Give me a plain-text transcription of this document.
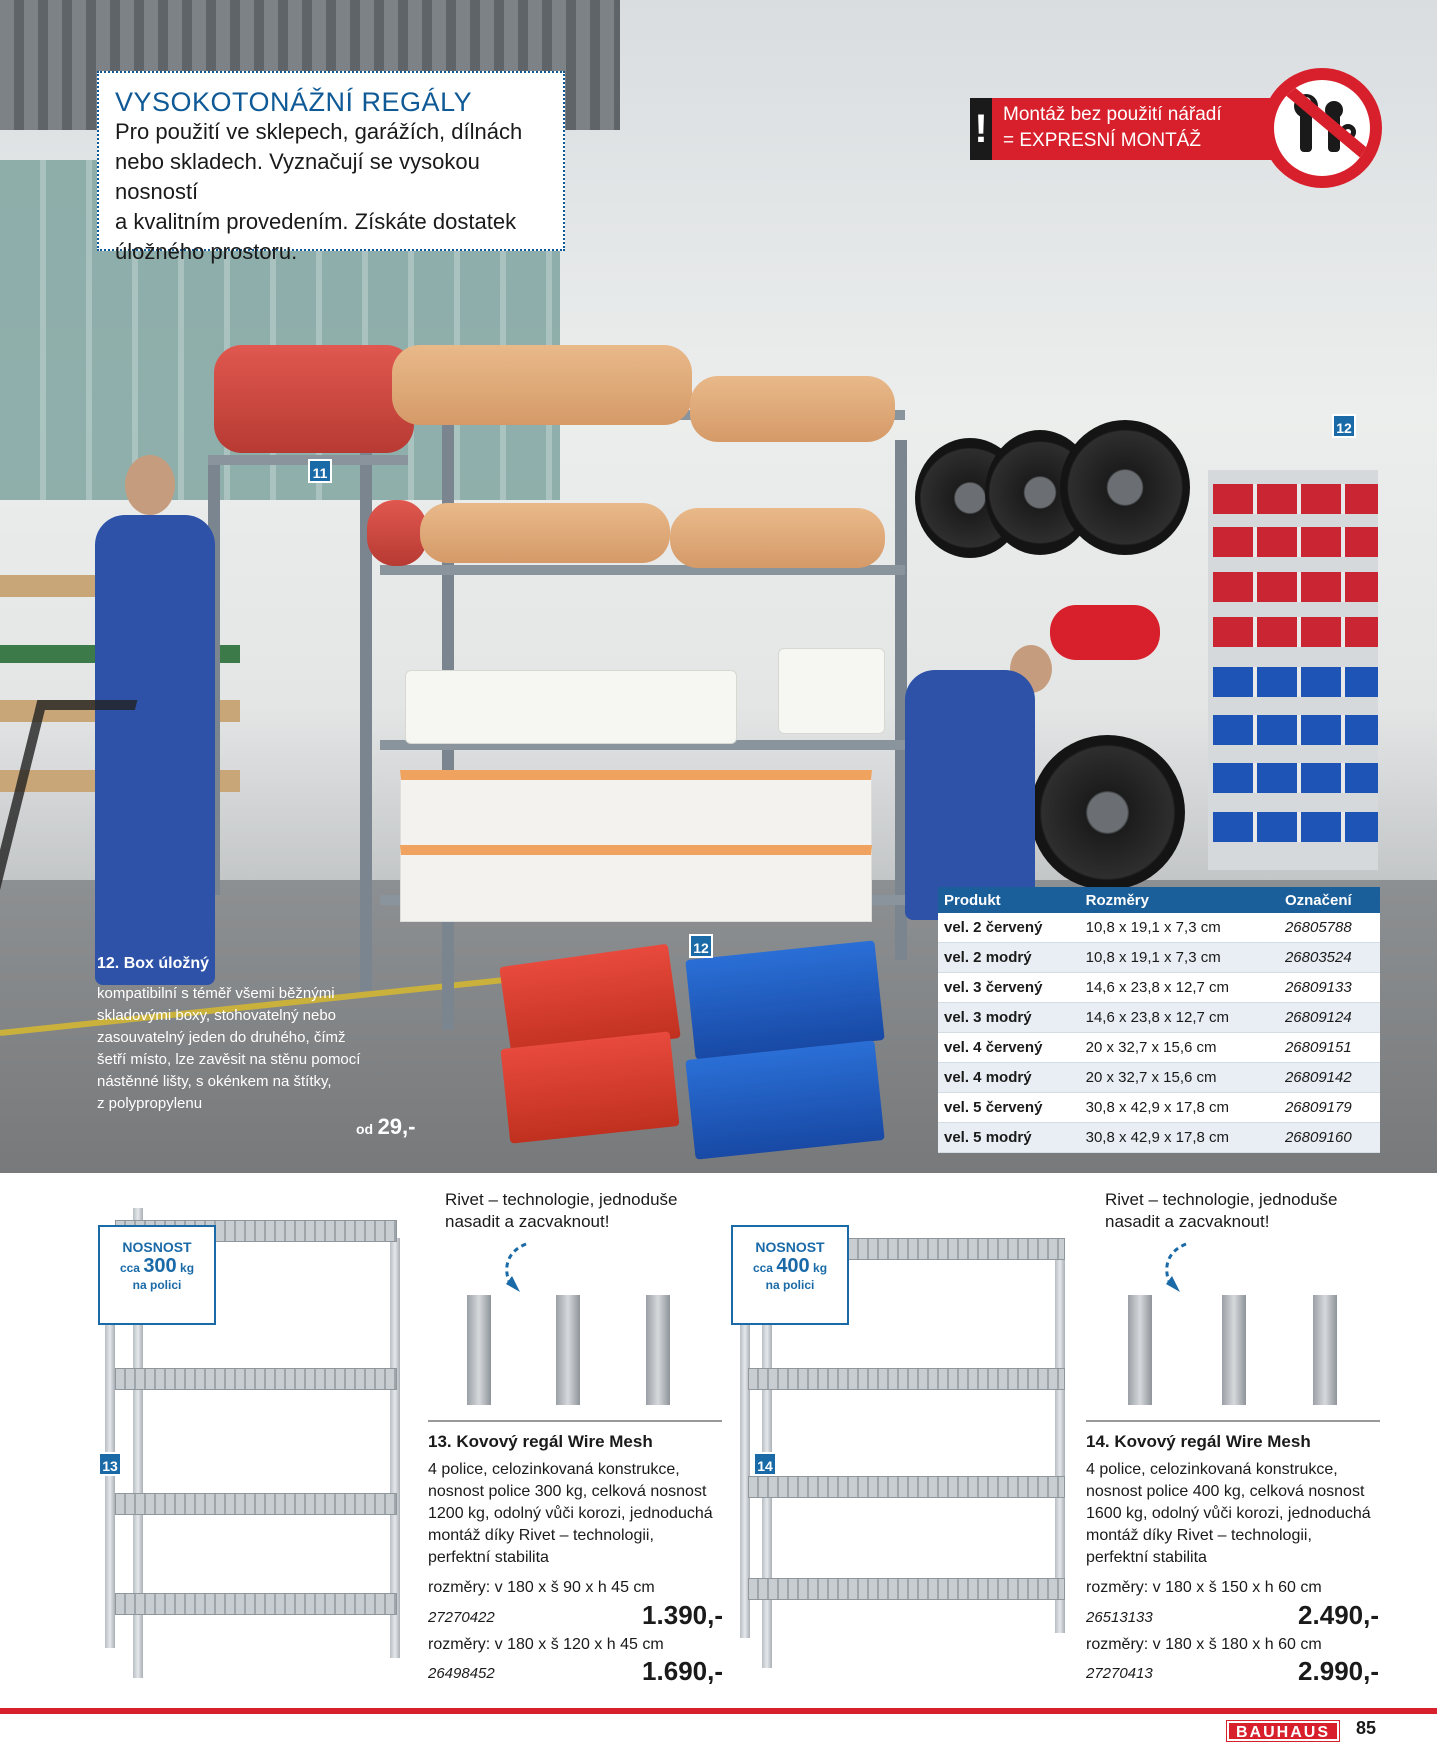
VYSOKOTONÁŽNÍ REGÁLY
Pro použití ve sklepech, garážích, dílnách
nebo skladech. Vyznačují se vysokou nosností
a kvalitním provedením. Získáte dostatek
úložného prostoru.
! Montáž bez použití nářadí
= EXPRESNÍ MONTÁŽ
11
12
12
12. Box úložný
kompatibilní s téměř všemi běžnými
skladovými boxy, stohovatelný nebo
zasouvatelný jeden do druhého, čímž
šetří místo, lze zavěsit na stěnu pomocí
nástěnné lišty, s okénkem na štítky,
z polypropylenu
od 29,-
Produkt	Rozměry	Označení
vel. 2 červený	10,8 x 19,1 x 7,3 cm	26805788
vel. 2 modrý	10,8 x 19,1 x 7,3 cm	26803524
vel. 3 červený	14,6 x 23,8 x 12,7 cm	26809133
vel. 3 modrý	14,6 x 23,8 x 12,7 cm	26809124
vel. 4 červený	20 x 32,7 x 15,6 cm	26809151
vel. 4 modrý	20 x 32,7 x 15,6 cm	26809142
vel. 5 červený	30,8 x 42,9 x 17,8 cm	26809179
vel. 5 modrý	30,8 x 42,9 x 17,8 cm	26809160
NOSNOST
cca 300 kg
na polici
13
Rivet – technologie, jednoduše
nasadit a zacvaknout!
13. Kovový regál Wire Mesh
4 police, celozinkovaná konstrukce,
nosnost police 300 kg, celková nosnost
1200 kg, odolný vůči korozi, jednoduchá
montáž díky Rivet – technologii,
perfektní stabilita
rozměry: v 180 x š 90 x h 45 cm
27270422	1.390,-
rozměry: v 180 x š 120 x h 45 cm
26498452	1.690,-
NOSNOST
cca 400 kg
na polici
14
Rivet – technologie, jednoduše
nasadit a zacvaknout!
14. Kovový regál Wire Mesh
4 police, celozinkovaná konstrukce,
nosnost police 400 kg, celková nosnost
1600 kg, odolný vůči korozi, jednoduchá
montáž díky Rivet – technologii,
perfektní stabilita
rozměry: v 180 x š 150 x h 60 cm
26513133	2.490,-
rozměry: v 180 x š 180 x h 60 cm
27270413	2.990,-
BAUHAUS	85
